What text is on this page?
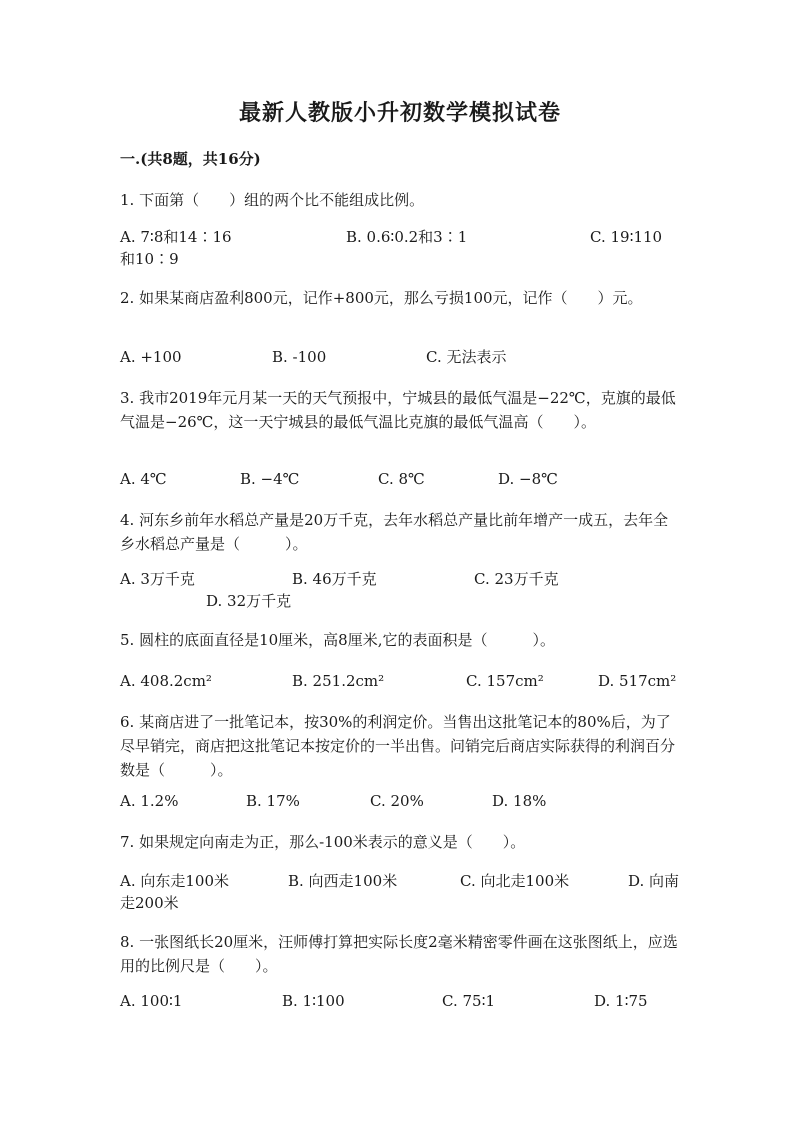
最新人教版小升初数学模拟试卷
一.(共8题，共16分)
1. 下面第（　　）组的两个比不能组成比例。
A. 7∶8和14∶16	B. 0.6∶0.2和3∶1	C. 19∶110
和10∶9
2. 如果某商店盈利800元，记作+800元，那么亏损100元，记作（　　）元。
A. +100	B. -100	C. 无法表示
3. 我市2019年元月某一天的天气预报中，宁城县的最低气温是−22℃，克旗的最低气温是−26℃，这一天宁城县的最低气温比克旗的最低气温高（　　）。
A. 4℃	B. −4℃	C. 8℃	D. −8℃
4. 河东乡前年水稻总产量是20万千克，去年水稻总产量比前年增产一成五，去年全乡水稻总产量是（　　　）。
A. 3万千克	B. 46万千克	C. 23万千克
D. 32万千克
5. 圆柱的底面直径是10厘米，高8厘米,它的表面积是（　　　）。
A. 408.2cm²	B. 251.2cm²	C. 157cm²	D. 517cm²
6. 某商店进了一批笔记本，按30%的利润定价。当售出这批笔记本的80%后，为了尽早销完，商店把这批笔记本按定价的一半出售。问销完后商店实际获得的利润百分数是（　　　）。
A. 1.2%	B. 17%	C. 20%	D. 18%
7. 如果规定向南走为正，那么-100米表示的意义是（　　）。
A. 向东走100米	B. 向西走100米	C. 向北走100米	D. 向南
走200米
8. 一张图纸长20厘米，汪师傅打算把实际长度2毫米精密零件画在这张图纸上，应选用的比例尺是（　　）。
A. 100∶1	B. 1∶100	C. 75∶1	D. 1∶75
